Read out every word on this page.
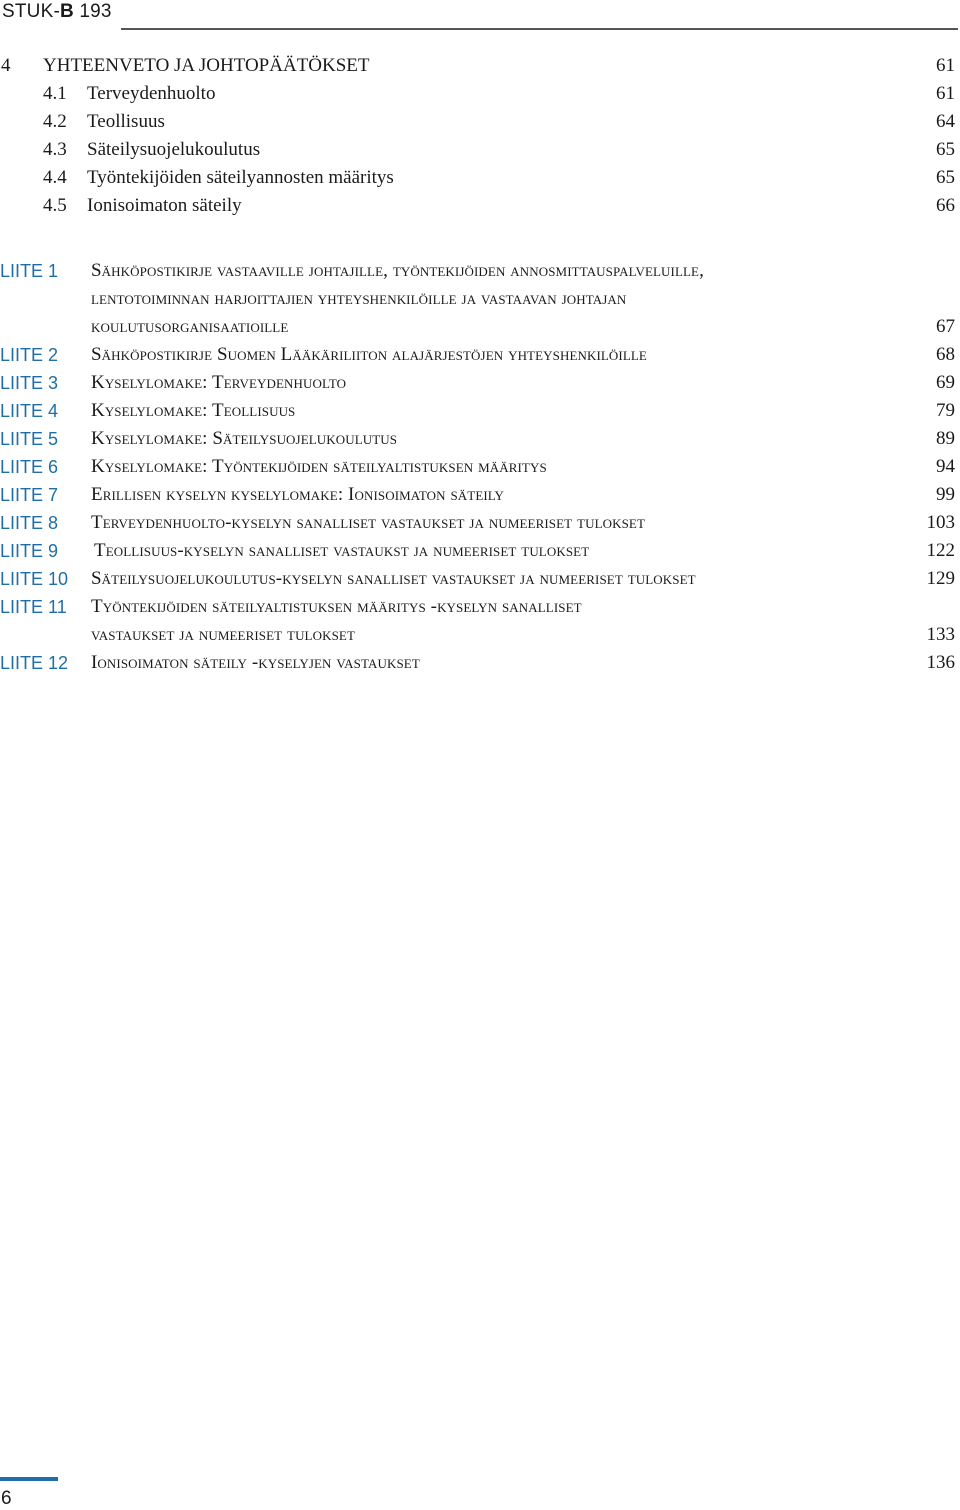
STUK-B 193
4 YHTEENVETO JA JOHTOPÄÄTÖKSET	61
4.1 Terveydenhuolto	61
4.2 Teollisuus	64
4.3 Säteilysuojelukoulutus	65
4.4 Työntekijöiden säteilyannosten määritys	65
4.5 Ionisoimaton säteily	66
LIITE 1 Sähköpostikirje vastaaville johtajille, työntekijöiden annosmittauspalveluille,
lentotoiminnan harjoittajien yhteyshenkilöille ja vastaavan johtajan
koulutusorganisaatioille	67
LIITE 2 Sähköpostikirje Suomen Lääkäriliiton alajärjestöjen yhteyshenkilöille	68
LIITE 3 Kyselylomake: Terveydenhuolto	69
LIITE 4 Kyselylomake: Teollisuus	79
LIITE 5 Kyselylomake: Säteilysuojelukoulutus	89
LIITE 6 Kyselylomake: Työntekijöiden säteilyaltistuksen määritys	94
LIITE 7 Erillisen kyselyn kyselylomake: Ionisoimaton säteily	99
LIITE 8 Terveydenhuolto-kyselyn sanalliset vastaukset ja numeeriset tulokset	103
LIITE 9 Teollisuus-kyselyn sanalliset vastaukst ja numeeriset tulokset	122
LIITE 10 Säteilysuojelukoulutus-kyselyn sanalliset vastaukset ja numeeriset tulokset	129
LIITE 11 Työntekijöiden säteilyaltistuksen määritys -kyselyn sanalliset
vastaukset ja numeeriset tulokset	133
LIITE 12 Ionisoimaton säteily -kyselyjen vastaukset	136
6
